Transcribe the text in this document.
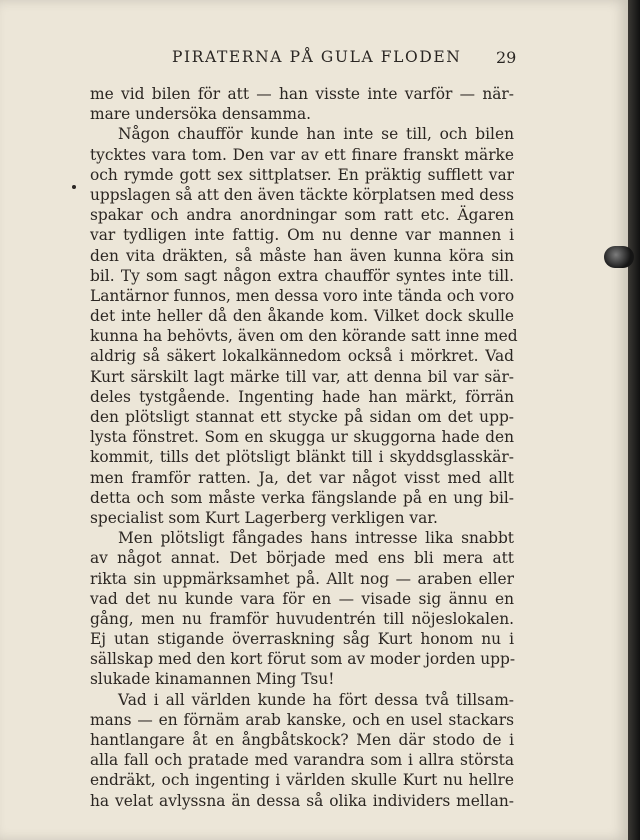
PIRATERNA PÅ GULA FLODEN 29
me vid bilen för att — han visste inte varför — när-
mare undersöka densamma.
Någon chaufför kunde han inte se till, och bilen
tycktes vara tom. Den var av ett finare franskt märke
och rymde gott sex sittplatser. En präktig sufflett var
uppslagen så att den även täckte körplatsen med dess
spakar och andra anordningar som ratt etc. Ägaren
var tydligen inte fattig. Om nu denne var mannen i
den vita dräkten, så måste han även kunna köra sin
bil. Ty som sagt någon extra chaufför syntes inte till.
Lantärnor funnos, men dessa voro inte tända och voro
det inte heller då den åkande kom. Vilket dock skulle
kunna ha behövts, även om den körande satt inne med
aldrig så säkert lokalkännedom också i mörkret. Vad
Kurt särskilt lagt märke till var, att denna bil var sär-
deles tystgående. Ingenting hade han märkt, förrän
den plötsligt stannat ett stycke på sidan om det upp-
lysta fönstret. Som en skugga ur skuggorna hade den
kommit, tills det plötsligt blänkt till i skyddsglasskär-
men framför ratten. Ja, det var något visst med allt
detta och som måste verka fängslande på en ung bil-
specialist som Kurt Lagerberg verkligen var.
Men plötsligt fångades hans intresse lika snabbt
av något annat. Det började med ens bli mera att
rikta sin uppmärksamhet på. Allt nog — araben eller
vad det nu kunde vara för en — visade sig ännu en
gång, men nu framför huvudentrén till nöjeslokalen.
Ej utan stigande överraskning såg Kurt honom nu i
sällskap med den kort förut som av moder jorden upp-
slukade kinamannen Ming Tsu!
Vad i all världen kunde ha fört dessa två tillsam-
mans — en förnäm arab kanske, och en usel stackars
hantlangare åt en ångbåtskock? Men där stodo de i
alla fall och pratade med varandra som i allra största
endräkt, och ingenting i världen skulle Kurt nu hellre
ha velat avlyssna än dessa så olika individers mellan-
